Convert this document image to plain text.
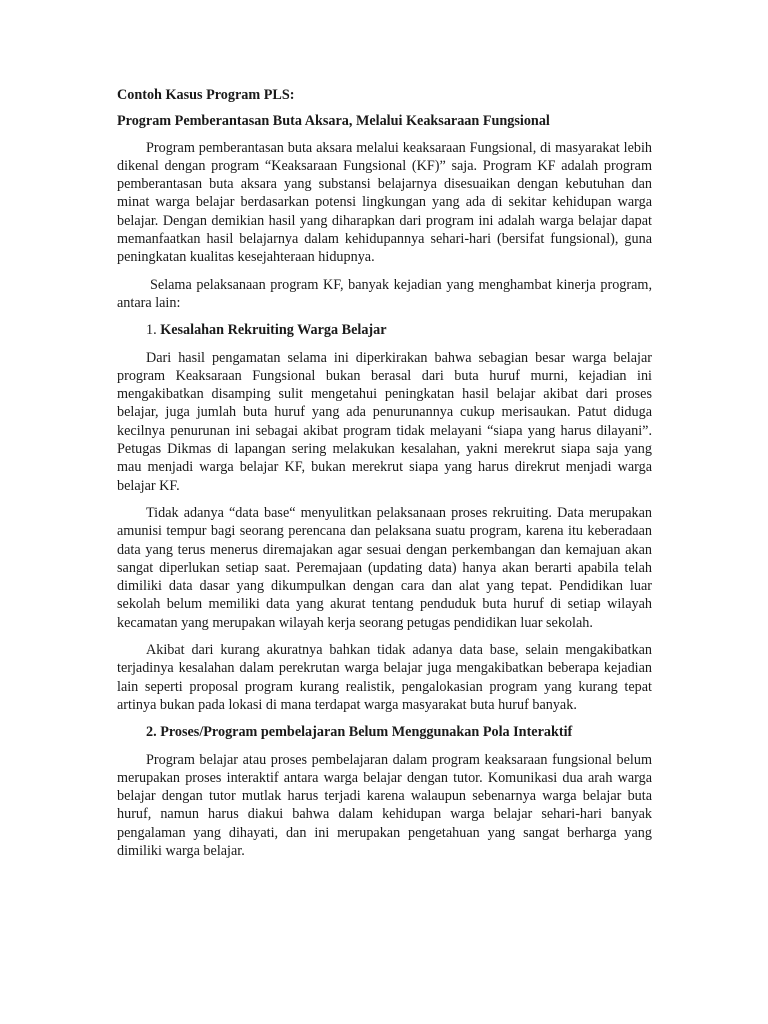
Contoh Kasus Program PLS:
Program Pemberantasan Buta Aksara, Melalui Keaksaraan Fungsional

Program pemberantasan buta aksara melalui keaksaraan Fungsional, di masyarakat lebih dikenal dengan program “Keaksaraan Fungsional (KF)” saja. Program KF adalah program pemberantasan buta aksara yang substansi belajarnya disesuaikan dengan kebutuhan dan minat warga belajar berdasarkan potensi lingkungan yang ada di sekitar kehidupan warga belajar. Dengan demikian hasil yang diharapkan dari program ini adalah warga belajar dapat memanfaatkan hasil belajarnya dalam kehidupannya sehari-hari (bersifat fungsional), guna peningkatan kualitas kesejahteraan hidupnya.

Selama pelaksanaan program KF, banyak kejadian yang menghambat kinerja program, antara lain:

1. Kesalahan Rekruiting Warga Belajar

Dari hasil pengamatan selama ini diperkirakan bahwa sebagian besar warga belajar program Keaksaraan Fungsional bukan berasal dari buta huruf murni, kejadian ini mengakibatkan disamping sulit mengetahui peningkatan hasil belajar akibat dari proses belajar, juga jumlah buta huruf yang ada penurunannya cukup merisaukan. Patut diduga kecilnya penurunan ini sebagai akibat program tidak melayani “siapa yang harus dilayani”. Petugas Dikmas di lapangan sering melakukan kesalahan, yakni merekrut siapa saja yang mau menjadi warga belajar KF, bukan merekrut siapa yang harus direkrut menjadi warga belajar KF.

Tidak adanya “data base“ menyulitkan pelaksanaan proses rekruiting. Data merupakan amunisi tempur bagi seorang perencana dan pelaksana suatu program, karena itu keberadaan data yang terus menerus diremajakan agar sesuai dengan perkembangan dan kemajuan akan sangat diperlukan setiap saat. Peremajaan (updating data) hanya akan berarti apabila telah dimiliki data dasar yang dikumpulkan dengan cara dan alat yang tepat. Pendidikan luar sekolah belum memiliki data yang akurat tentang penduduk buta huruf di setiap wilayah kecamatan yang merupakan wilayah kerja seorang petugas pendidikan luar sekolah.

Akibat dari kurang akuratnya bahkan tidak adanya data base, selain mengakibatkan terjadinya kesalahan dalam perekrutan warga belajar juga mengakibatkan beberapa kejadian lain seperti proposal program kurang realistik, pengalokasian program yang kurang tepat artinya bukan pada lokasi di mana terdapat warga masyarakat buta huruf banyak.

2. Proses/Program pembelajaran Belum Menggunakan Pola Interaktif

Program belajar atau proses pembelajaran dalam program keaksaraan fungsional belum merupakan proses interaktif antara warga belajar dengan tutor. Komunikasi dua arah warga belajar dengan tutor mutlak harus terjadi karena walaupun sebenarnya warga belajar buta huruf, namun harus diakui bahwa dalam kehidupan warga belajar sehari-hari banyak pengalaman yang dihayati, dan ini merupakan pengetahuan yang sangat berharga yang dimiliki warga belajar.
